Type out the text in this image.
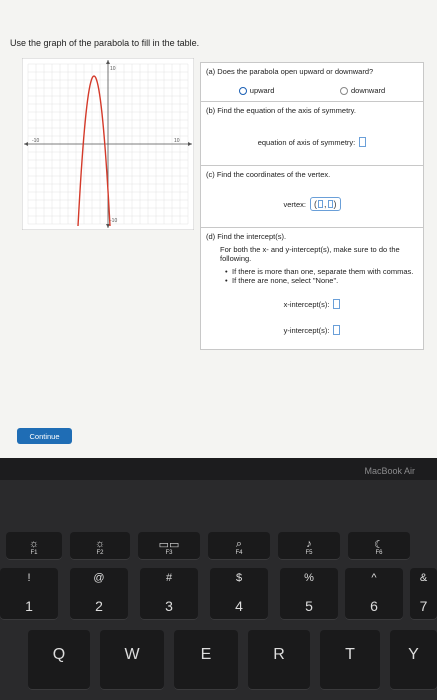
Use the graph of the parabola to fill in the table.
-10	10
10
-10
(a) Does the parabola open upward or downward?
upward	downward
(b) Find the equation of the axis of symmetry.
equation of axis of symmetry:
(c) Find the coordinates of the vertex.
vertex: ( , )
(d) Find the intercept(s).
For both the x- and y-intercept(s), make sure to do the following.
• If there is more than one, separate them with commas.
• If there are none, select "None".
x-intercept(s):
y-intercept(s):
Continue
MacBook Air
☼
F1
☼
F2
▭▭
F3
⌕
F4
♪
F5
☾
F6
!
1
@
2
#
3
$
4
%
5
^
6
&
7
Q	W	E	R	T	Y
